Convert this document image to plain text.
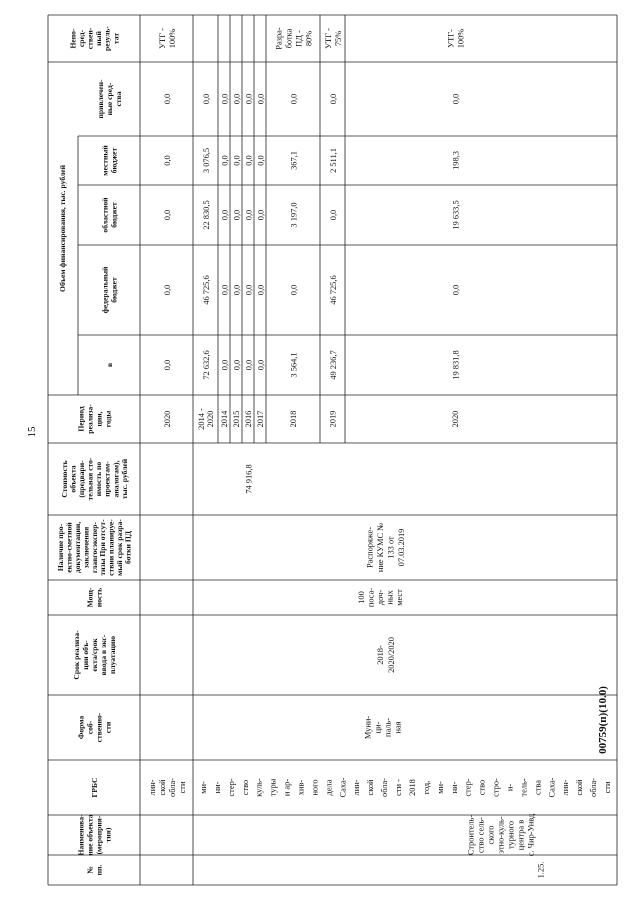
№ пп.
Наименова- ние объекта (мероприя- тия)
ГРБС
Форма соб- ственно- сти
Срок реализа- ции объ- екта/срок ввода в экс- плуатацию
Мощ- ность
Наличие про- ектно-сметной документации, заключения главгосэкспер- тизы При отсут- ствии планируе- мый срок разра- ботки ПД
Стоимость объекта (предвари- тельная сто- имость по проектам- аналогам), тыс. рублей
Период реализа- ции, годы
Непо- сред- ствен- ный резуль- тат
Объем финансирования, тыс. рублей
в
федеральный бюджет
областной бюджет
местный бюджет
привлечен- ные сред- ства
лин- ской обла- сти
2020
0,0
0,0
0,0
0,0
0,0
УТГ - 100%
1.25.
Строитель- ство сель- ского этно-куль- турного центра в с. Чир-Унвд
ми- ни- стер- ство куль- туры и ар- хив- ного дела Саха- лин- ской обла- сти - 2018 год, ми- ни- стер- ство стро- и- тель- ства Саха- лин- ской обла- сти
Муни- ци- паль- ная
2018- 2020/2020
100 поса- доч- ных мест
Распоряже- ние КУМС № 133 от 07.03.2019
74 916,8
2014 - 2020
72 632,6
46 725,6
22 830,5
3 076,5
0,0
2014
0,0
0,0
0,0
0,0
0,0
2015
0,0
0,0
0,0
0,0
0,0
2016
0,0
0,0
0,0
0,0
0,0
2017
0,0
0,0
0,0
0,0
0,0
2018
3 564,1
0,0
3 197,0
367,1
0,0
Разра- ботка ПД - 80%
2019
49 236,7
46 725,6
0,0
2 511,1
0,0
УТГ - 75%
2020
19 831,8
0,0
19 633,5
198,3
0,0
УТГ- 100%
15
00759(п)(10.0)
